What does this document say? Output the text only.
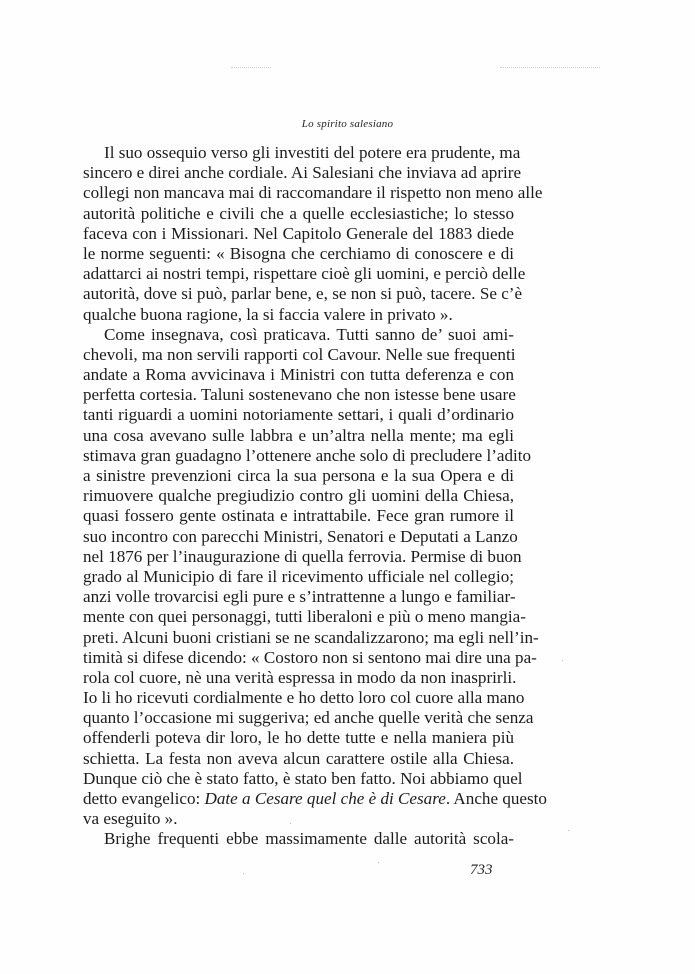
Lo spirito salesiano
Il suo ossequio verso gli investiti del potere era prudente, ma
sincero e direi anche cordiale. Ai Salesiani che inviava ad aprire
collegi non mancava mai di raccomandare il rispetto non meno alle
autorità politiche e civili che a quelle ecclesiastiche; lo stesso
faceva con i Missionari. Nel Capitolo Generale del 1883 diede
le norme seguenti: « Bisogna che cerchiamo di conoscere e di
adattarci ai nostri tempi, rispettare cioè gli uomini, e perciò delle
autorità, dove si può, parlar bene, e, se non si può, tacere. Se c’è
qualche buona ragione, la si faccia valere in privato ».
Come insegnava, così praticava. Tutti sanno de’ suoi ami-
chevoli, ma non servili rapporti col Cavour. Nelle sue frequenti
andate a Roma avvicinava i Ministri con tutta deferenza e con
perfetta cortesia. Taluni sostenevano che non istesse bene usare
tanti riguardi a uomini notoriamente settari, i quali d’ordinario
una cosa avevano sulle labbra e un’altra nella mente; ma egli
stimava gran guadagno l’ottenere anche solo di precludere l’adito
a sinistre prevenzioni circa la sua persona e la sua Opera e di
rimuovere qualche pregiudizio contro gli uomini della Chiesa,
quasi fossero gente ostinata e intrattabile. Fece gran rumore il
suo incontro con parecchi Ministri, Senatori e Deputati a Lanzo
nel 1876 per l’inaugurazione di quella ferrovia. Permise di buon
grado al Municipio di fare il ricevimento ufficiale nel collegio;
anzi volle trovarcisi egli pure e s’intrattenne a lungo e familiar-
mente con quei personaggi, tutti liberaloni e più o meno mangia-
preti. Alcuni buoni cristiani se ne scandalizzarono; ma egli nell’in-
timità si difese dicendo: « Costoro non si sentono mai dire una pa-
rola col cuore, nè una verità espressa in modo da non inasprirli.
Io li ho ricevuti cordialmente e ho detto loro col cuore alla mano
quanto l’occasione mi suggeriva; ed anche quelle verità che senza
offenderli poteva dir loro, le ho dette tutte e nella maniera più
schietta. La festa non aveva alcun carattere ostile alla Chiesa.
Dunque ciò che è stato fatto, è stato ben fatto. Noi abbiamo quel
detto evangelico: Date a Cesare quel che è di Cesare. Anche questo
va eseguito ».
Brighe frequenti ebbe massimamente dalle autorità scola-
733
